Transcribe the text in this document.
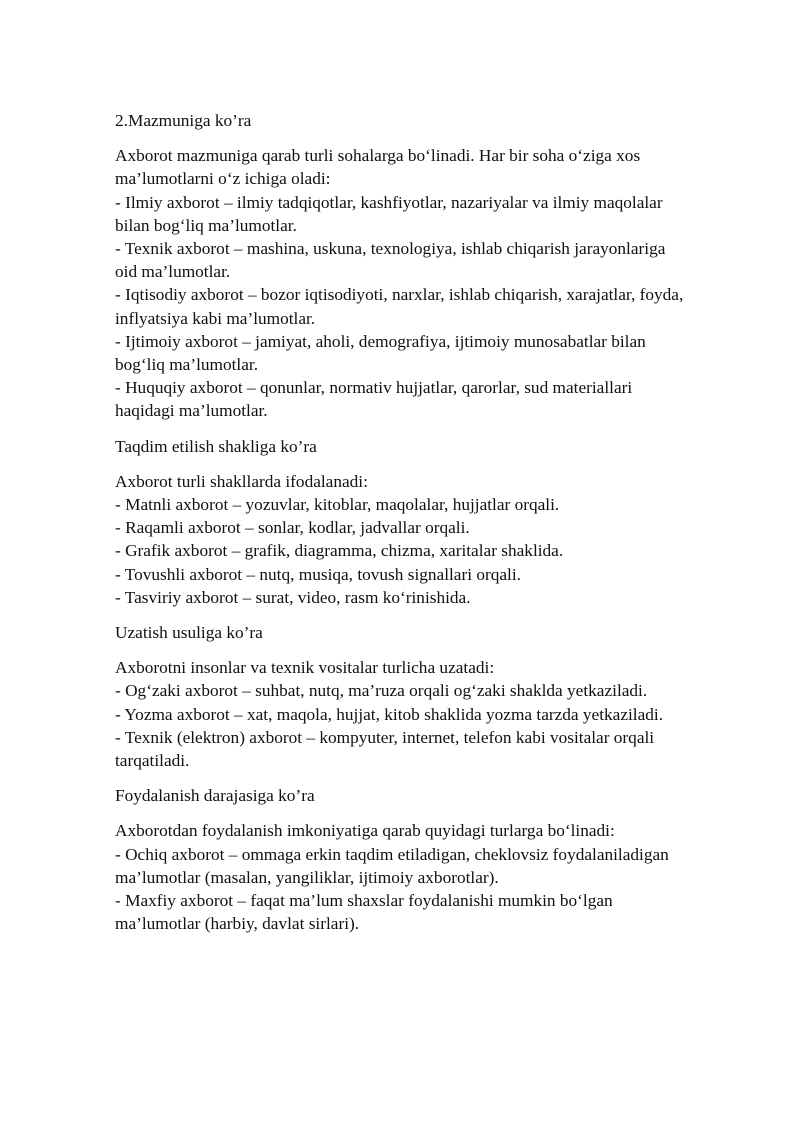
2.Mazmuniga ko’ra
Axborot mazmuniga qarab turli sohalarga bo‘linadi. Har bir soha o‘ziga xos
ma’lumotlarni o‘z ichiga oladi:
- Ilmiy axborot – ilmiy tadqiqotlar, kashfiyotlar, nazariyalar va ilmiy maqolalar
bilan bog‘liq ma’lumotlar.
- Texnik axborot – mashina, uskuna, texnologiya, ishlab chiqarish jarayonlariga
oid ma’lumotlar.
- Iqtisodiy axborot – bozor iqtisodiyoti, narxlar, ishlab chiqarish, xarajatlar, foyda,
inflyatsiya kabi ma’lumotlar.
- Ijtimoiy axborot – jamiyat, aholi, demografiya, ijtimoiy munosabatlar bilan
bog‘liq ma’lumotlar.
- Huquqiy axborot – qonunlar, normativ hujjatlar, qarorlar, sud materiallari
haqidagi ma’lumotlar.
Taqdim etilish shakliga ko’ra
Axborot turli shakllarda ifodalanadi:
- Matnli axborot – yozuvlar, kitoblar, maqolalar, hujjatlar orqali.
- Raqamli axborot – sonlar, kodlar, jadvallar orqali.
- Grafik axborot – grafik, diagramma, chizma, xaritalar shaklida.
- Tovushli axborot – nutq, musiqa, tovush signallari orqali.
- Tasviriy axborot – surat, video, rasm ko‘rinishida.
Uzatish usuliga ko’ra
Axborotni insonlar va texnik vositalar turlicha uzatadi:
- Og‘zaki axborot – suhbat, nutq, ma’ruza orqali og‘zaki shaklda yetkaziladi.
- Yozma axborot – xat, maqola, hujjat, kitob shaklida yozma tarzda yetkaziladi.
- Texnik (elektron) axborot – kompyuter, internet, telefon kabi vositalar orqali
tarqatiladi.
Foydalanish darajasiga ko’ra
Axborotdan foydalanish imkoniyatiga qarab quyidagi turlarga bo‘linadi:
- Ochiq axborot – ommaga erkin taqdim etiladigan, cheklovsiz foydalaniladigan
ma’lumotlar (masalan, yangiliklar, ijtimoiy axborotlar).
- Maxfiy axborot – faqat ma’lum shaxslar foydalanishi mumkin bo‘lgan
ma’lumotlar (harbiy, davlat sirlari).
